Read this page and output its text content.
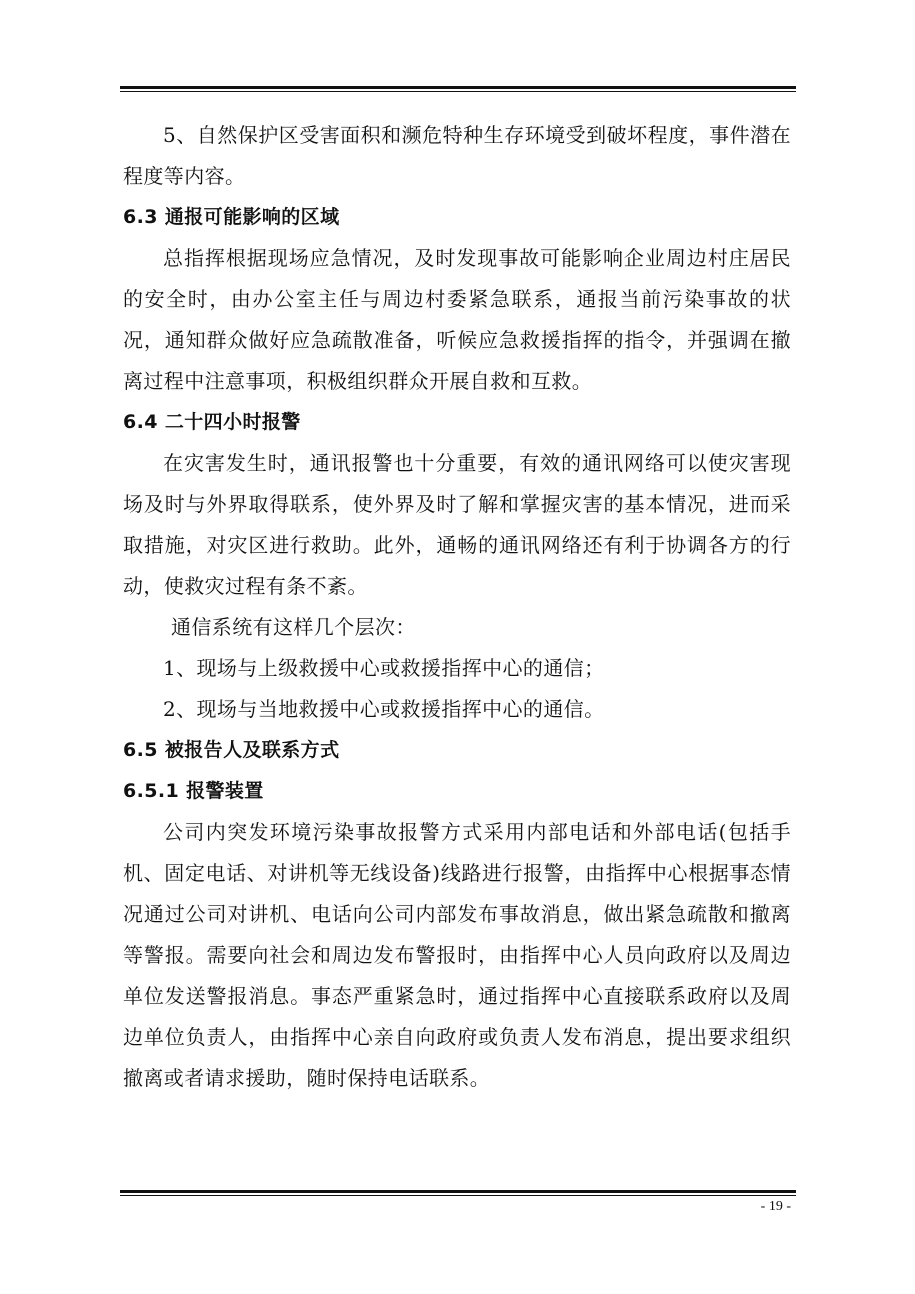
5、自然保护区受害面积和濒危特种生存环境受到破坏程度，事件潜在程度等内容。

6.3 通报可能影响的区域

总指挥根据现场应急情况，及时发现事故可能影响企业周边村庄居民的安全时，由办公室主任与周边村委紧急联系，通报当前污染事故的状况，通知群众做好应急疏散准备，听候应急救援指挥的指令，并强调在撤离过程中注意事项，积极组织群众开展自救和互救。

6.4 二十四小时报警

在灾害发生时，通讯报警也十分重要，有效的通讯网络可以使灾害现场及时与外界取得联系，使外界及时了解和掌握灾害的基本情况，进而采取措施，对灾区进行救助。此外，通畅的通讯网络还有利于协调各方的行动，使救灾过程有条不紊。

通信系统有这样几个层次：

1、现场与上级救援中心或救援指挥中心的通信；

2、现场与当地救援中心或救援指挥中心的通信。

6.5 被报告人及联系方式

6.5.1 报警装置

公司内突发环境污染事故报警方式采用内部电话和外部电话(包括手机、固定电话、对讲机等无线设备)线路进行报警，由指挥中心根据事态情况通过公司对讲机、电话向公司内部发布事故消息，做出紧急疏散和撤离等警报。需要向社会和周边发布警报时，由指挥中心人员向政府以及周边单位发送警报消息。事态严重紧急时，通过指挥中心直接联系政府以及周边单位负责人，由指挥中心亲自向政府或负责人发布消息，提出要求组织撤离或者请求援助，随时保持电话联系。

- 19 -
